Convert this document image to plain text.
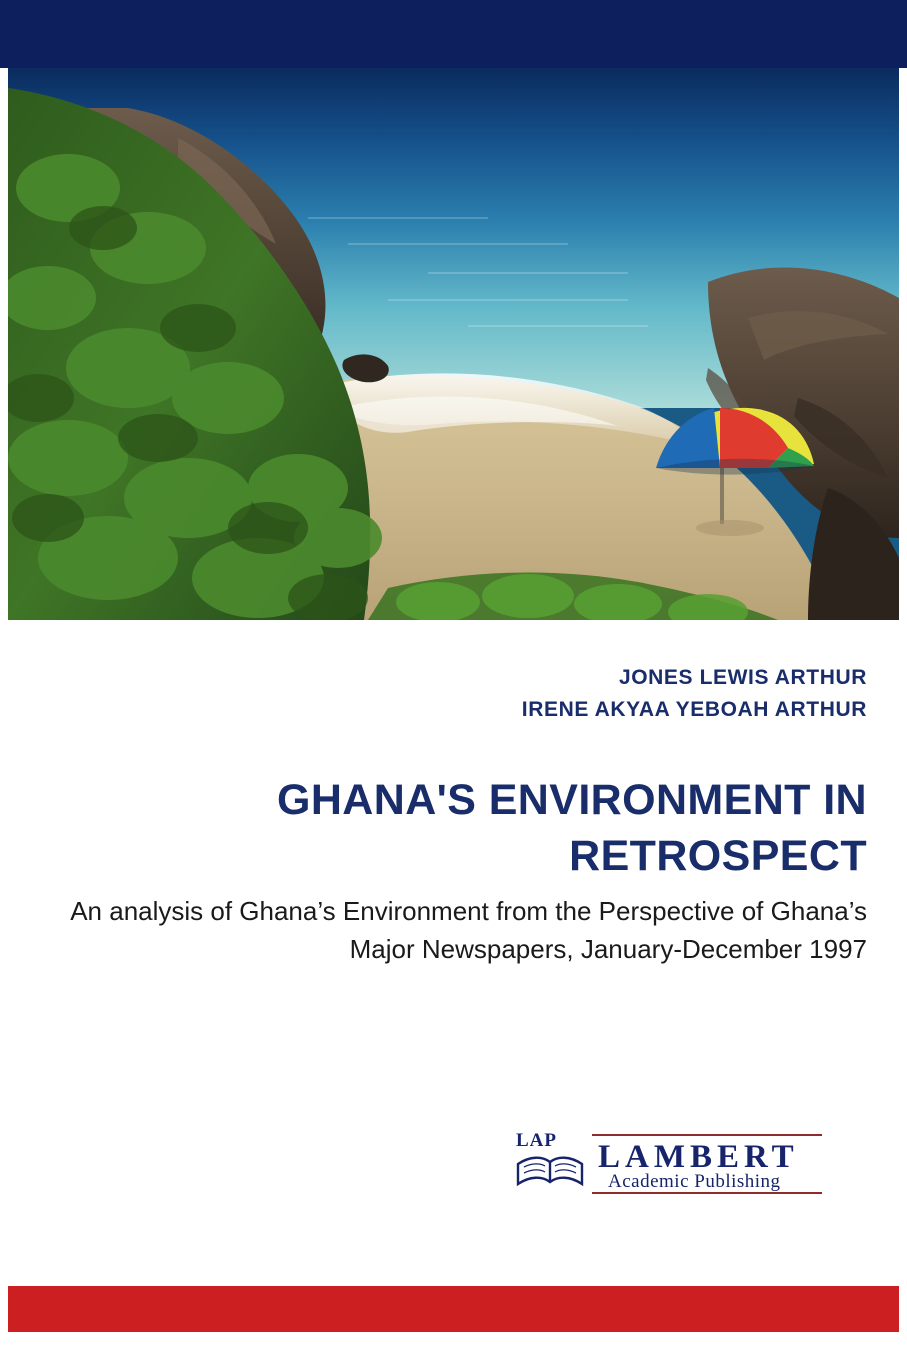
JONES LEWIS ARTHUR
IRENE AKYAA YEBOAH ARTHUR
GHANA'S ENVIRONMENT IN RETROSPECT

An analysis of Ghana’s Environment from the Perspective of Ghana’s Major Newspapers, January-December 1997

LAP LAMBERT
Academic Publishing
